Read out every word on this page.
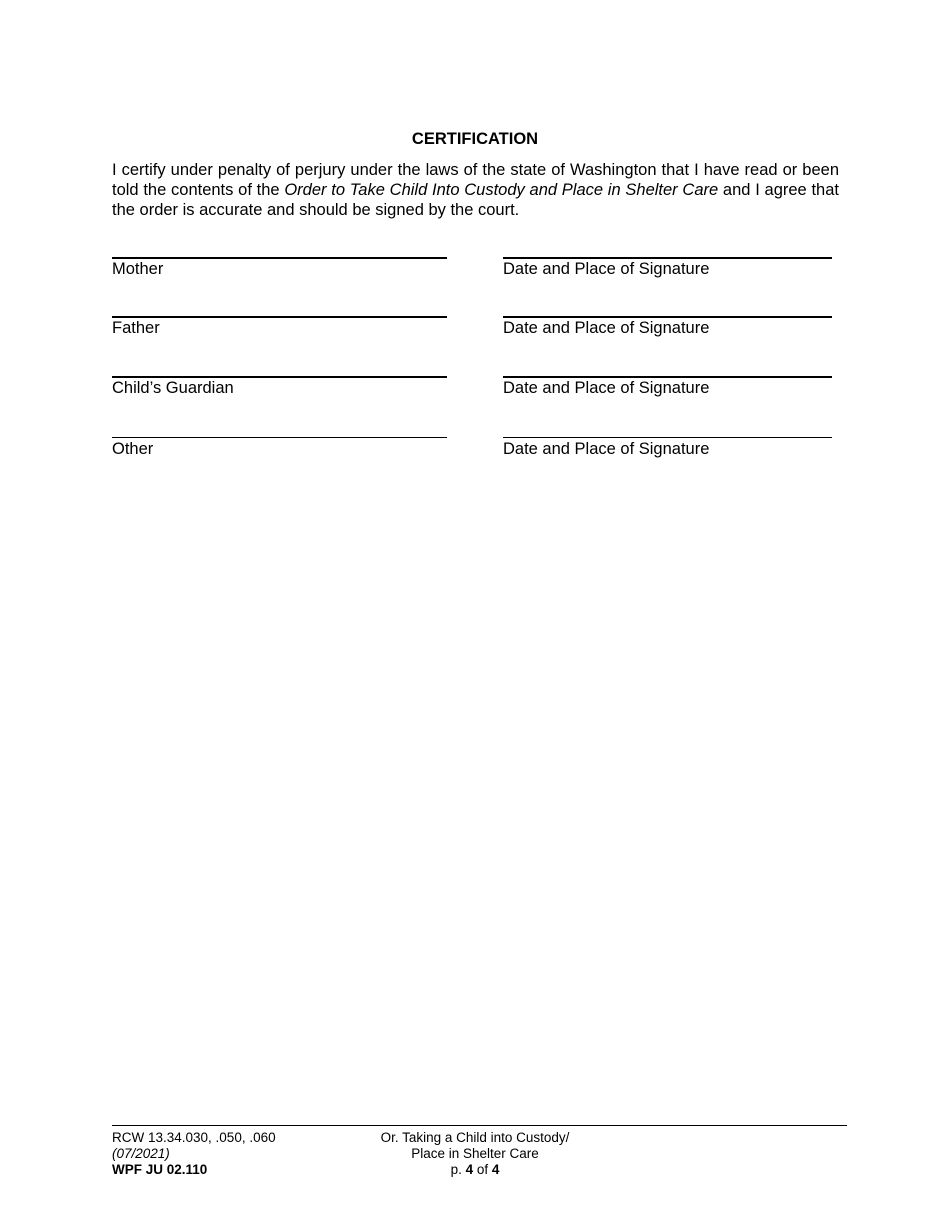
CERTIFICATION
I certify under penalty of perjury under the laws of the state of Washington that I have read or been told the contents of the Order to Take Child Into Custody and Place in Shelter Care and I agree that the order is accurate and should be signed by the court.
Mother	Date and Place of Signature
Father	Date and Place of Signature
Child’s Guardian	Date and Place of Signature
Other	Date and Place of Signature
RCW 13.34.030, .050, .060
(07/2021)
WPF JU 02.110
Or. Taking a Child into Custody/
Place in Shelter Care
p. 4 of 4
